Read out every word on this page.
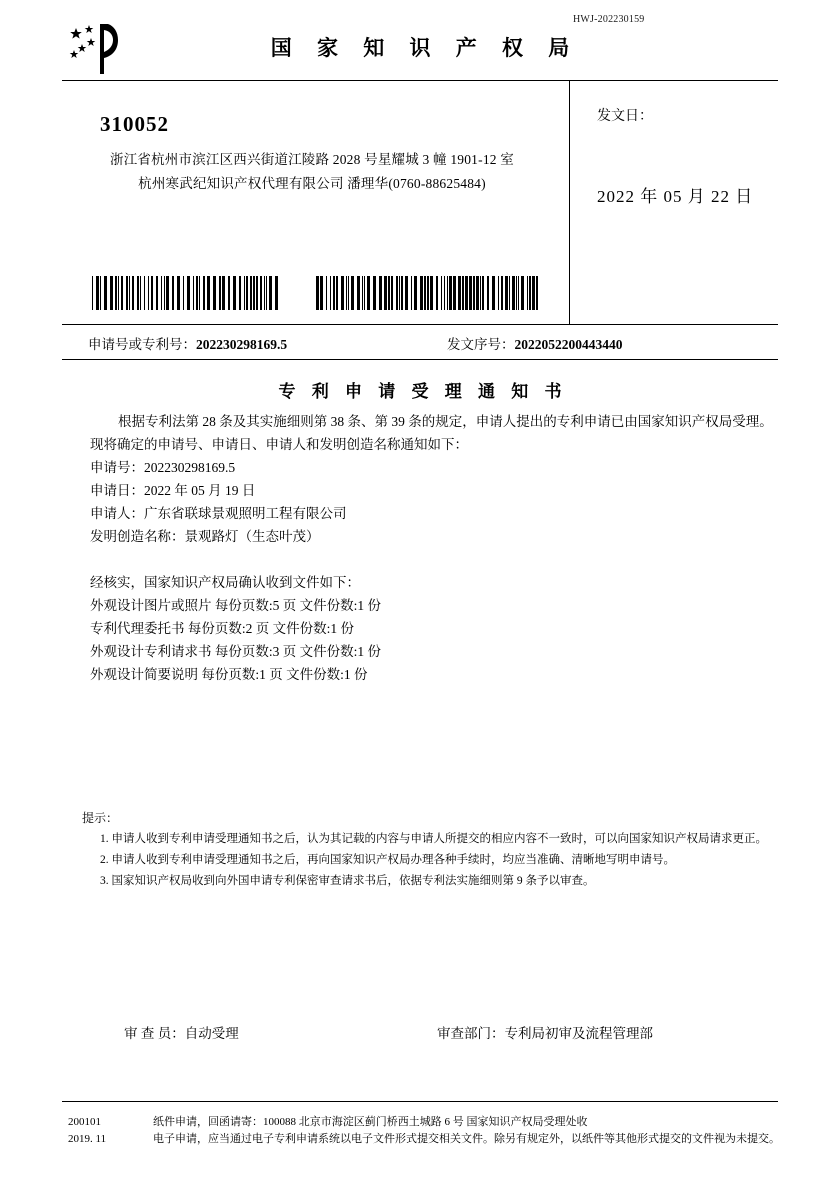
HWJ-202230159
国 家 知 识 产 权 局
310052
浙江省杭州市滨江区西兴街道江陵路 2028 号星耀城 3 幢 1901-12 室
杭州寒武纪知识产权代理有限公司 潘理华(0760-88625484)
发文日：
2022 年 05 月 22 日
申请号或专利号：202230298169.5	发文序号：2022052200443440
专 利 申 请 受 理 通 知 书
根据专利法第 28 条及其实施细则第 38 条、第 39 条的规定，申请人提出的专利申请已由国家知识产权局受理。现将确定的申请号、申请日、申请人和发明创造名称通知如下：
申请号：202230298169.5
申请日：2022 年 05 月 19 日
申请人：广东省联球景观照明工程有限公司
发明创造名称：景观路灯（生态叶茂）
经核实，国家知识产权局确认收到文件如下：
外观设计图片或照片 每份页数:5 页 文件份数:1 份
专利代理委托书 每份页数:2 页 文件份数:1 份
外观设计专利请求书 每份页数:3 页 文件份数:1 份
外观设计简要说明 每份页数:1 页 文件份数:1 份
提示：
1. 申请人收到专利申请受理通知书之后，认为其记载的内容与申请人所提交的相应内容不一致时，可以向国家知识产权局请求更正。
2. 申请人收到专利申请受理通知书之后，再向国家知识产权局办理各种手续时，均应当准确、清晰地写明申请号。
3. 国家知识产权局收到向外国申请专利保密审查请求书后，依据专利法实施细则第 9 条予以审查。
审 查 员：自动受理	审查部门：专利局初审及流程管理部
200101
2019. 11
纸件申请，回函请寄：100088 北京市海淀区蓟门桥西土城路 6 号 国家知识产权局受理处收
电子申请，应当通过电子专利申请系统以电子文件形式提交相关文件。除另有规定外，以纸件等其他形式提交的文件视为未提交。
